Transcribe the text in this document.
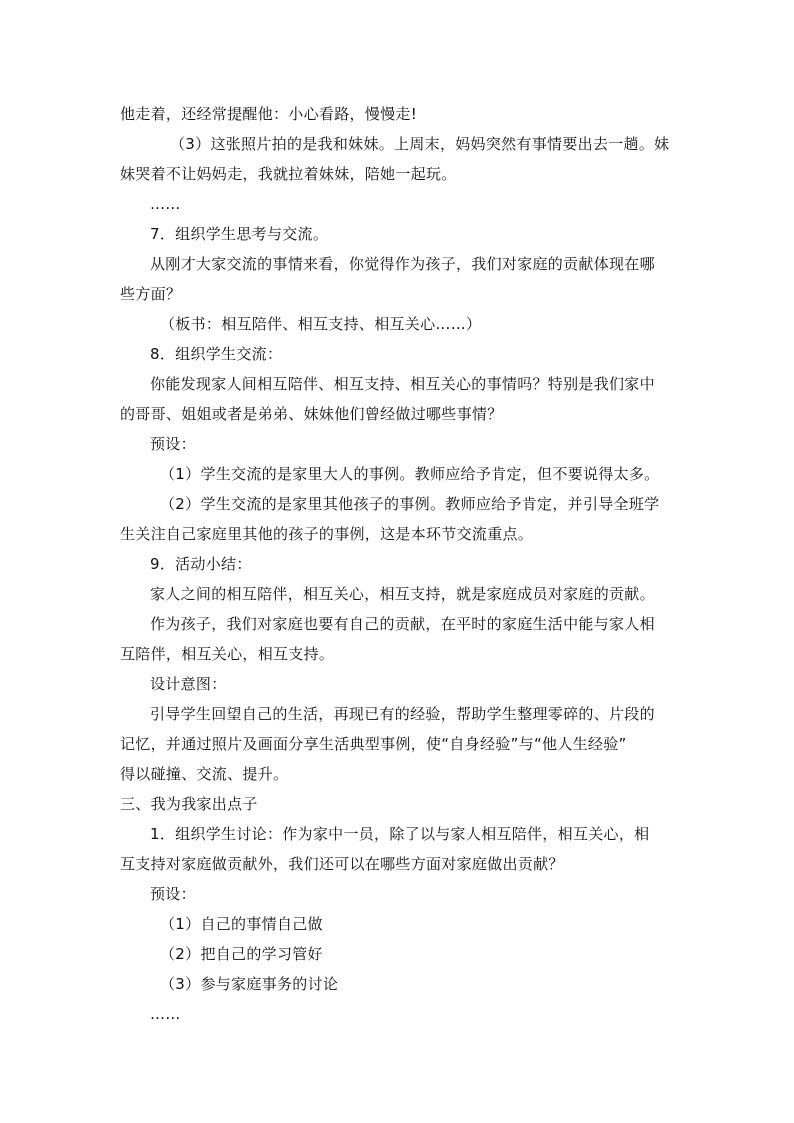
他走着，还经常提醒他：小心看路，慢慢走!
（3）这张照片拍的是我和妹妹。上周末，妈妈突然有事情要出去一趟。妹
妹哭着不让妈妈走，我就拉着妹妹，陪她一起玩。
……
7．组织学生思考与交流。
从刚才大家交流的事情来看，你觉得作为孩子，我们对家庭的贡献体现在哪
些方面？
（板书：相互陪伴、相互支持、相互关心……）
8．组织学生交流：
你能发现家人间相互陪伴、相互支持、相互关心的事情吗？特别是我们家中
的哥哥、姐姐或者是弟弟、妹妹他们曾经做过哪些事情？
预设：
（1）学生交流的是家里大人的事例。教师应给予肯定，但不要说得太多。
（2）学生交流的是家里其他孩子的事例。教师应给予肯定，并引导全班学
生关注自己家庭里其他的孩子的事例，这是本环节交流重点。
9．活动小结：
家人之间的相互陪伴，相互关心，相互支持，就是家庭成员对家庭的贡献。
作为孩子，我们对家庭也要有自己的贡献，在平时的家庭生活中能与家人相
互陪伴，相互关心，相互支持。
设计意图：
引导学生回望自己的生活，再现已有的经验，帮助学生整理零碎的、片段的
记忆，并通过照片及画面分享生活典型事例，使“自身经验”与“他人生经验”
得以碰撞、交流、提升。
三、我为我家出点子
1．组织学生讨论：作为家中一员，除了以与家人相互陪伴，相互关心，相
互支持对家庭做贡献外，我们还可以在哪些方面对家庭做出贡献？
预设：
（1）自己的事情自己做
（2）把自己的学习管好
（3）参与家庭事务的讨论
……
